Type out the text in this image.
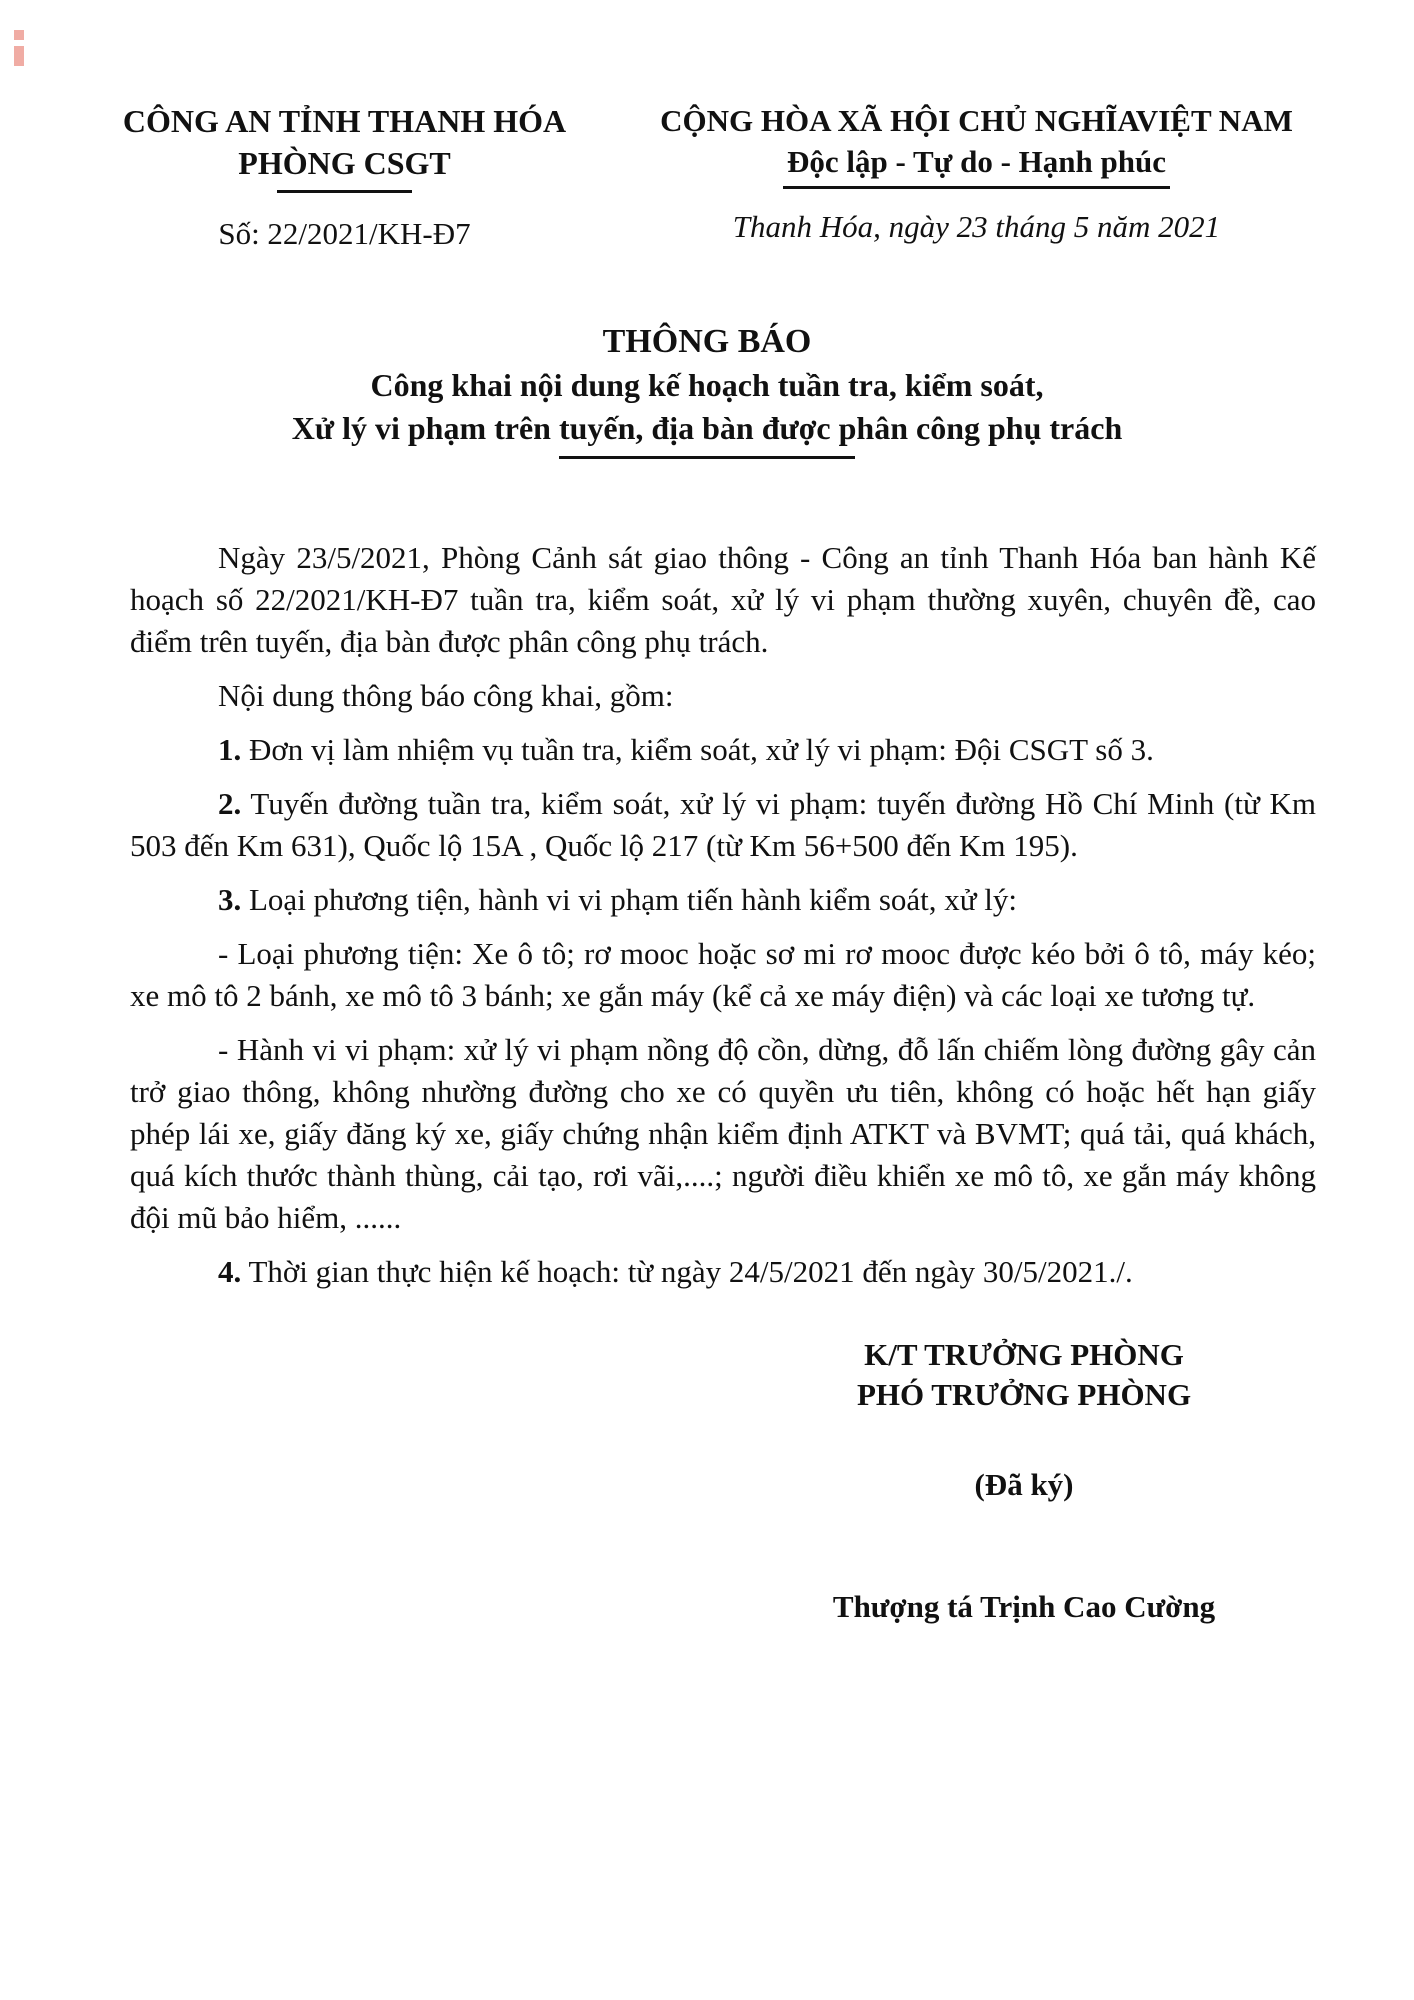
CÔNG AN TỈNH THANH HÓA
PHÒNG CSGT
Số: 22/2021/KH-Đ7
CỘNG HÒA XÃ HỘI CHỦ NGHĨAVIỆT NAM
Độc lập - Tự do - Hạnh phúc
Thanh Hóa, ngày 23 tháng 5 năm 2021
THÔNG BÁO
Công khai nội dung kế hoạch tuần tra, kiểm soát,
Xử lý vi phạm trên tuyến, địa bàn được phân công phụ trách

Ngày 23/5/2021, Phòng Cảnh sát giao thông - Công an tỉnh Thanh Hóa ban hành Kế hoạch số 22/2021/KH-Đ7 tuần tra, kiểm soát, xử lý vi phạm thường xuyên, chuyên đề, cao điểm trên tuyến, địa bàn được phân công phụ trách.

Nội dung thông báo công khai, gồm:

1. Đơn vị làm nhiệm vụ tuần tra, kiểm soát, xử lý vi phạm: Đội CSGT số 3.

2. Tuyến đường tuần tra, kiểm soát, xử lý vi phạm: tuyến đường Hồ Chí Minh (từ Km 503 đến Km 631), Quốc lộ 15A , Quốc lộ 217 (từ Km 56+500 đến Km 195).

3. Loại phương tiện, hành vi vi phạm tiến hành kiểm soát, xử lý:

- Loại phương tiện: Xe ô tô; rơ mooc hoặc sơ mi rơ mooc được kéo bởi ô tô, máy kéo; xe mô tô 2 bánh, xe mô tô 3 bánh; xe gắn máy (kể cả xe máy điện) và các loại xe tương tự.

- Hành vi vi phạm: xử lý vi phạm nồng độ cồn, dừng, đỗ lấn chiếm lòng đường gây cản trở giao thông, không nhường đường cho xe có quyền ưu tiên, không có hoặc hết hạn giấy phép lái xe, giấy đăng ký xe, giấy chứng nhận kiểm định ATKT và BVMT; quá tải, quá khách, quá kích thước thành thùng, cải tạo, rơi vãi,....; người điều khiển xe mô tô, xe gắn máy không đội mũ bảo hiểm, ......

4. Thời gian thực hiện kế hoạch: từ ngày 24/5/2021 đến ngày 30/5/2021./.

K/T TRƯỞNG PHÒNG
PHÓ TRƯỞNG PHÒNG
(Đã ký)
Thượng tá Trịnh Cao Cường
